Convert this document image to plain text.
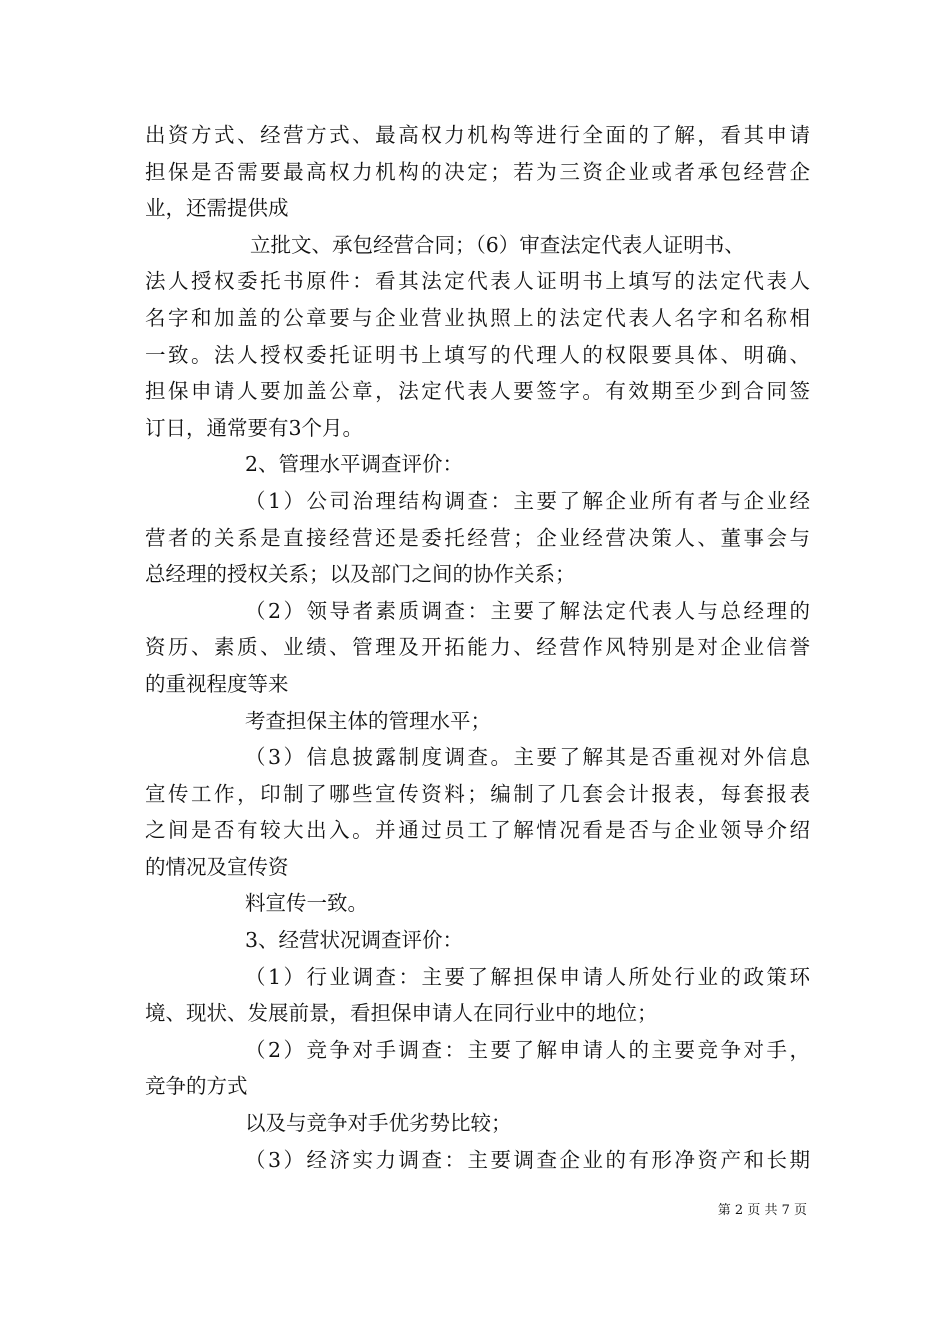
出资方式、经营方式、最高权力机构等进行全面的了解，看其申请
担保是否需要最高权力机构的决定；若为三资企业或者承包经营企
业，还需提供成
立批文、承包经营合同；（6）审查法定代表人证明书、
法人授权委托书原件：看其法定代表人证明书上填写的法定代表人
名字和加盖的公章要与企业营业执照上的法定代表人名字和名称相
一致。法人授权委托证明书上填写的代理人的权限要具体、明确、
担保申请人要加盖公章，法定代表人要签字。有效期至少到合同签
订日，通常要有3个月。
2、管理水平调查评价：
（1）公司治理结构调查：主要了解企业所有者与企业经
营者的关系是直接经营还是委托经营；企业经营决策人、董事会与
总经理的授权关系；以及部门之间的协作关系；
（2）领导者素质调查：主要了解法定代表人与总经理的
资历、素质、业绩、管理及开拓能力、经营作风特别是对企业信誉
的重视程度等来
考查担保主体的管理水平；
（3）信息披露制度调查。主要了解其是否重视对外信息
宣传工作，印制了哪些宣传资料；编制了几套会计报表，每套报表
之间是否有较大出入。并通过员工了解情况看是否与企业领导介绍
的情况及宣传资
料宣传一致。
3、经营状况调查评价：
（1）行业调查：主要了解担保申请人所处行业的政策环
境、现状、发展前景，看担保申请人在同行业中的地位；
（2）竞争对手调查：主要了解申请人的主要竞争对手，
竞争的方式
以及与竞争对手优劣势比较；
（3）经济实力调查：主要调查企业的有形净资产和长期
第 2 页 共 7 页
